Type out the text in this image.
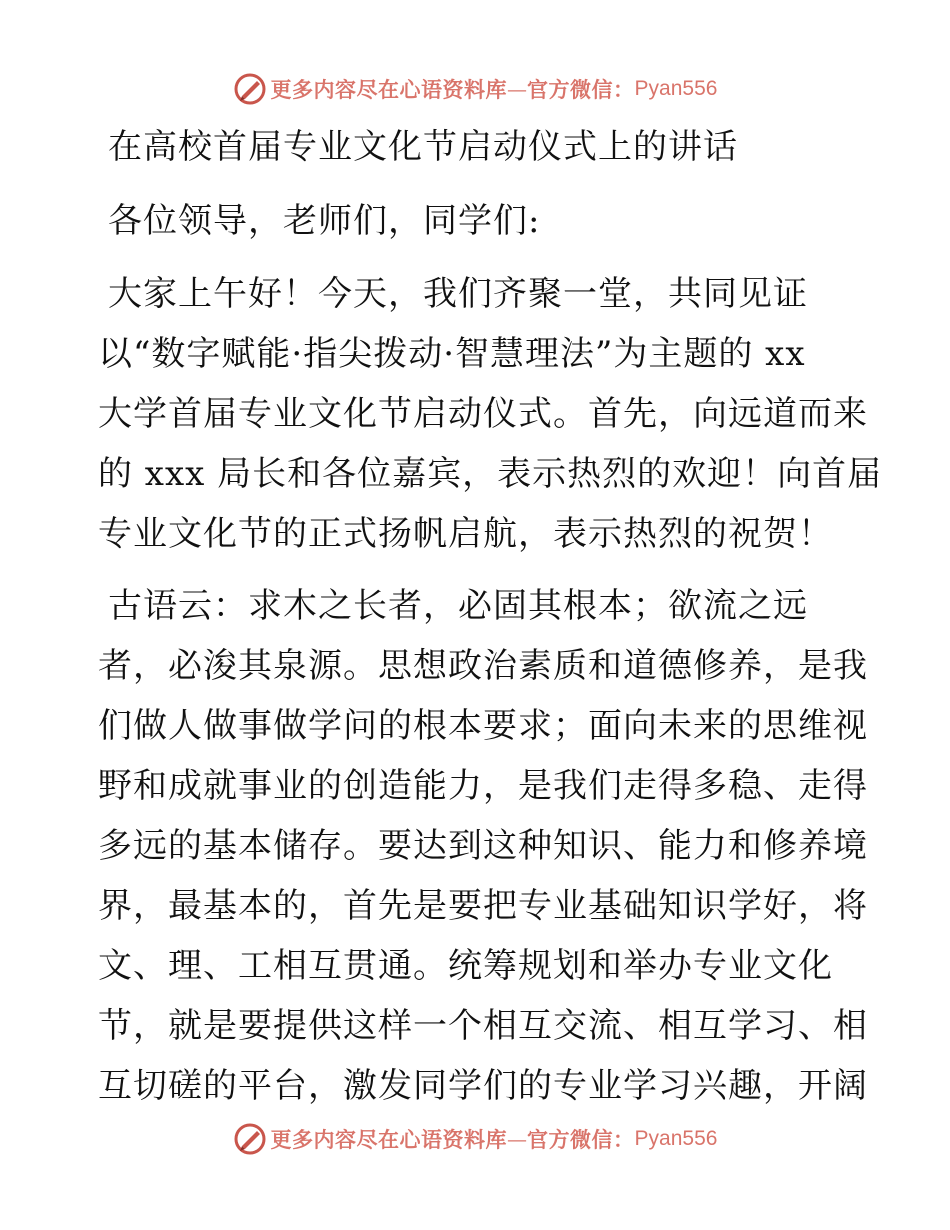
更多内容尽在心语资料库 — 官方微信： Pyan556
在高校首届专业文化节启动仪式上的讲话
各位领导，老师们，同学们:
大家上午好！今天，我们齐聚一堂，共同见证
以“数字赋能·指尖拨动·智慧理法”为主题的 xx
大学首届专业文化节启动仪式。首先，向远道而来
的 xxx 局长和各位嘉宾，表示热烈的欢迎！向首届
专业文化节的正式扬帆启航，表示热烈的祝贺！
古语云：求木之长者，必固其根本；欲流之远
者，必浚其泉源。思想政治素质和道德修养，是我
们做人做事做学问的根本要求；面向未来的思维视
野和成就事业的创造能力，是我们走得多稳、走得
多远的基本储存。要达到这种知识、能力和修养境
界，最基本的，首先是要把专业基础知识学好，将
文、理、工相互贯通。统筹规划和举办专业文化
节，就是要提供这样一个相互交流、相互学习、相
互切磋的平台，激发同学们的专业学习兴趣，开阔
更多内容尽在心语资料库 — 官方微信： Pyan556
